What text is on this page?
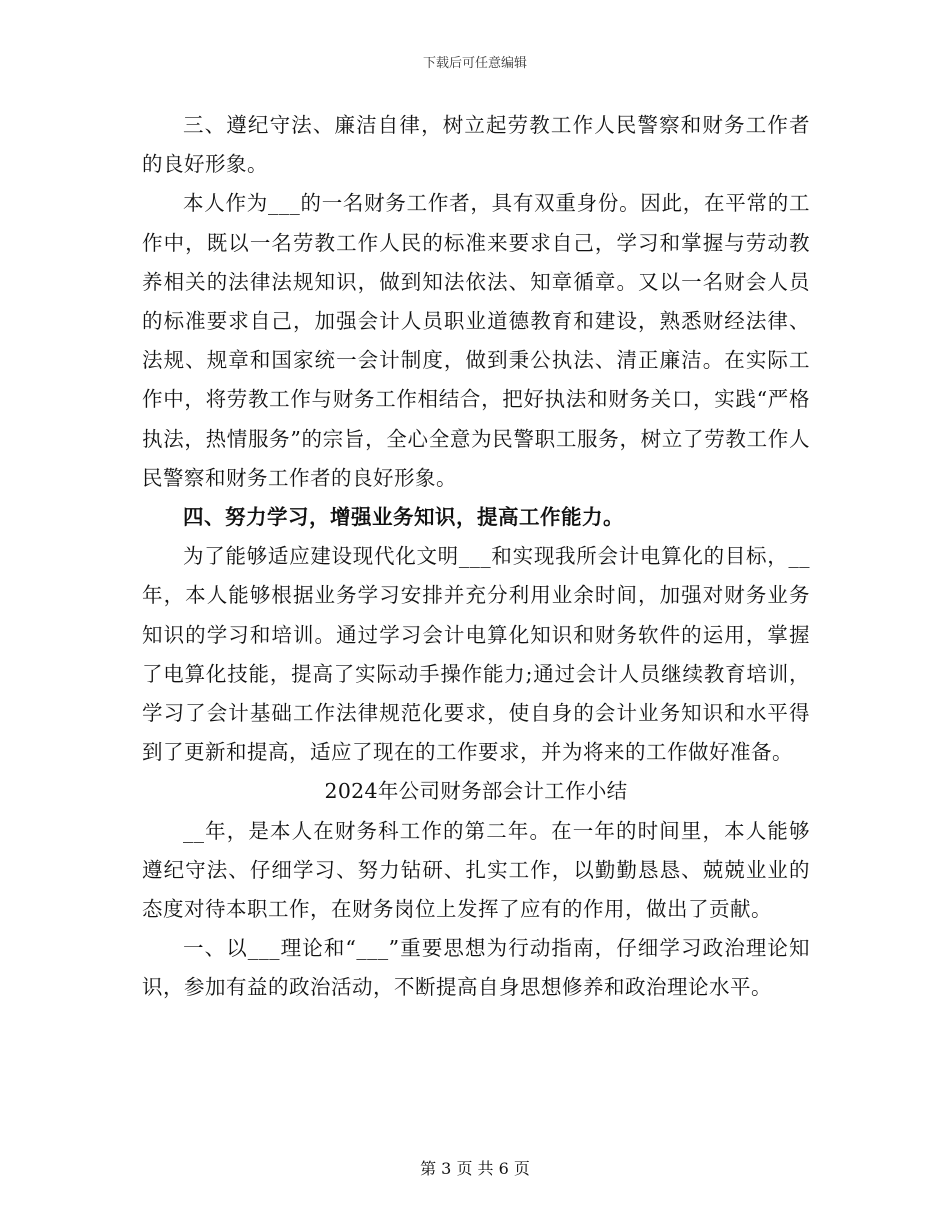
下载后可任意编辑

三、遵纪守法、廉洁自律，树立起劳教工作人民警察和财务工作者的良好形象。

本人作为___的一名财务工作者，具有双重身份。因此，在平常的工作中，既以一名劳教工作人民的标准来要求自己，学习和掌握与劳动教养相关的法律法规知识，做到知法依法、知章循章。又以一名财会人员的标准要求自己，加强会计人员职业道德教育和建设，熟悉财经法律、法规、规章和国家统一会计制度，做到秉公执法、清正廉洁。在实际工作中，将劳教工作与财务工作相结合，把好执法和财务关口，实践“严格执法，热情服务”的宗旨，全心全意为民警职工服务，树立了劳教工作人民警察和财务工作者的良好形象。

四、努力学习，增强业务知识，提高工作能力。

为了能够适应建设现代化文明___和实现我所会计电算化的目标，__年，本人能够根据业务学习安排并充分利用业余时间，加强对财务业务知识的学习和培训。通过学习会计电算化知识和财务软件的运用，掌握了电算化技能，提高了实际动手操作能力;通过会计人员继续教育培训，学习了会计基础工作法律规范化要求，使自身的会计业务知识和水平得到了更新和提高，适应了现在的工作要求，并为将来的工作做好准备。

2024年公司财务部会计工作小结

__年，是本人在财务科工作的第二年。在一年的时间里，本人能够遵纪守法、仔细学习、努力钻研、扎实工作，以勤勤恳恳、兢兢业业的态度对待本职工作，在财务岗位上发挥了应有的作用，做出了贡献。

一、以___理论和“___”重要思想为行动指南，仔细学习政治理论知识，参加有益的政治活动，不断提高自身思想修养和政治理论水平。

第 3 页 共 6 页
